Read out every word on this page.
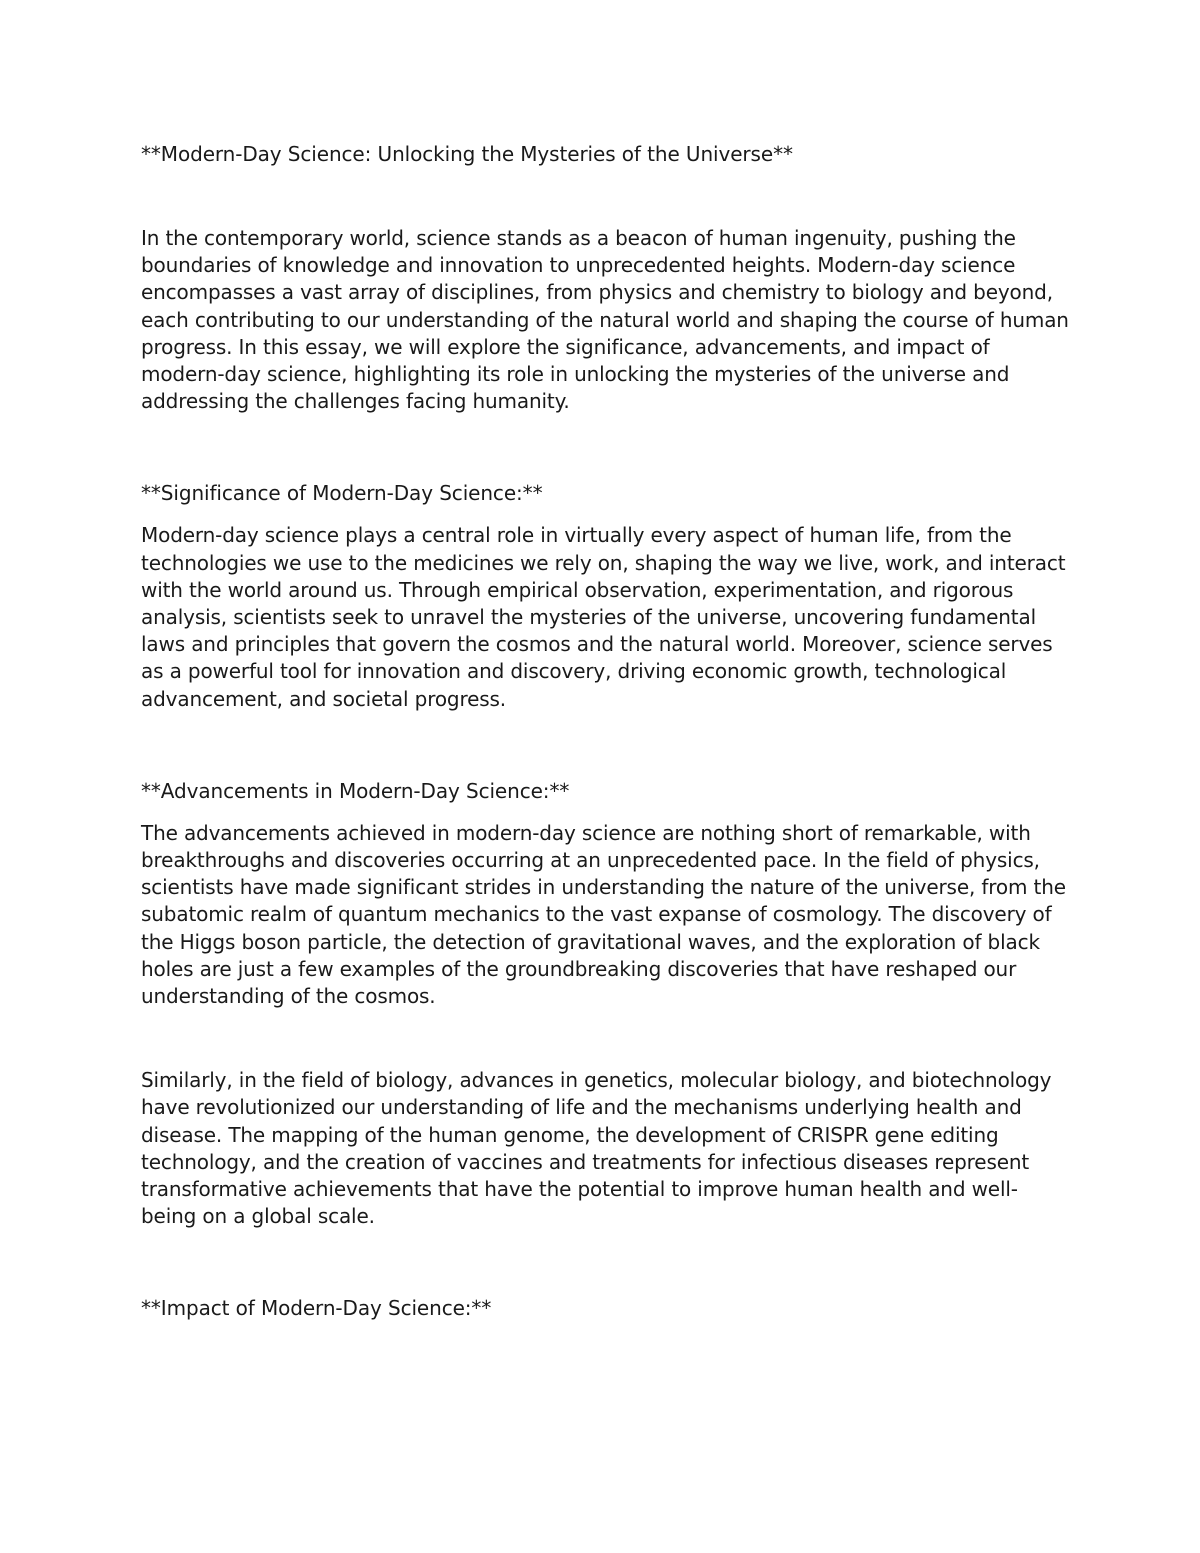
**Modern-Day Science: Unlocking the Mysteries of the Universe**

In the contemporary world, science stands as a beacon of human ingenuity, pushing the boundaries of knowledge and innovation to unprecedented heights. Modern-day science encompasses a vast array of disciplines, from physics and chemistry to biology and beyond, each contributing to our understanding of the natural world and shaping the course of human progress. In this essay, we will explore the significance, advancements, and impact of modern-day science, highlighting its role in unlocking the mysteries of the universe and addressing the challenges facing humanity.

**Significance of Modern-Day Science:**

Modern-day science plays a central role in virtually every aspect of human life, from the technologies we use to the medicines we rely on, shaping the way we live, work, and interact with the world around us. Through empirical observation, experimentation, and rigorous analysis, scientists seek to unravel the mysteries of the universe, uncovering fundamental laws and principles that govern the cosmos and the natural world. Moreover, science serves as a powerful tool for innovation and discovery, driving economic growth, technological advancement, and societal progress.

**Advancements in Modern-Day Science:**

The advancements achieved in modern-day science are nothing short of remarkable, with breakthroughs and discoveries occurring at an unprecedented pace. In the field of physics, scientists have made significant strides in understanding the nature of the universe, from the subatomic realm of quantum mechanics to the vast expanse of cosmology. The discovery of the Higgs boson particle, the detection of gravitational waves, and the exploration of black holes are just a few examples of the groundbreaking discoveries that have reshaped our understanding of the cosmos.

Similarly, in the field of biology, advances in genetics, molecular biology, and biotechnology have revolutionized our understanding of life and the mechanisms underlying health and disease. The mapping of the human genome, the development of CRISPR gene editing technology, and the creation of vaccines and treatments for infectious diseases represent transformative achievements that have the potential to improve human health and well-being on a global scale.

**Impact of Modern-Day Science:**
